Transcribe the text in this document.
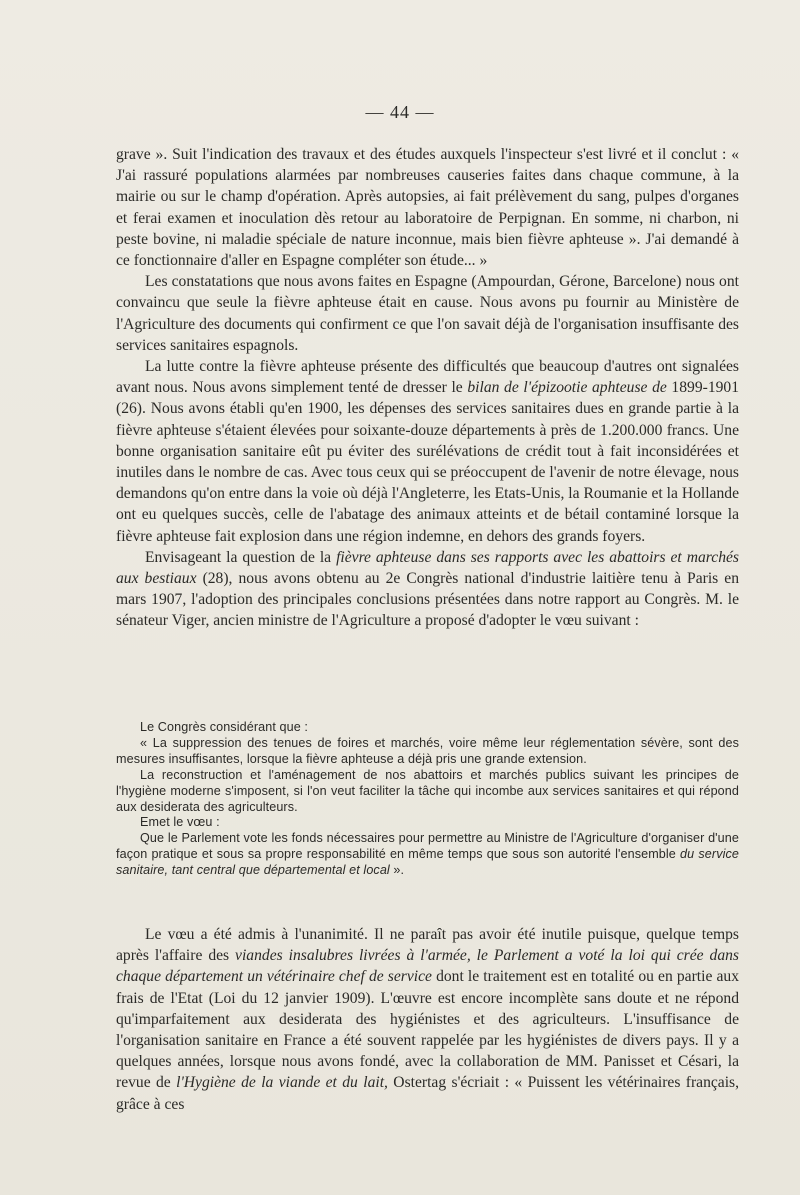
— 44 —

grave ». Suit l'indication des travaux et des études auxquels l'inspecteur s'est livré et il conclut : « J'ai rassuré populations alarmées par nombreuses causeries faites dans chaque commune, à la mairie ou sur le champ d'opération. Après autopsies, ai fait prélèvement du sang, pulpes d'organes et ferai examen et inoculation dès retour au laboratoire de Perpignan. En somme, ni charbon, ni peste bovine, ni maladie spéciale de nature inconnue, mais bien fièvre aphteuse ». J'ai demandé à ce fonctionnaire d'aller en Espagne compléter son étude... »

Les constatations que nous avons faites en Espagne (Ampourdan, Gérone, Barcelone) nous ont convaincu que seule la fièvre aphteuse était en cause. Nous avons pu fournir au Ministère de l'Agriculture des documents qui confirment ce que l'on savait déjà de l'organisation insuffisante des services sanitaires espagnols.

La lutte contre la fièvre aphteuse présente des difficultés que beaucoup d'autres ont signalées avant nous. Nous avons simplement tenté de dresser le bilan de l'épizootie aphteuse de 1899-1901 (26). Nous avons établi qu'en 1900, les dépenses des services sanitaires dues en grande partie à la fièvre aphteuse s'étaient élevées pour soixante-douze départements à près de 1.200.000 francs. Une bonne organisation sanitaire eût pu éviter des surélévations de crédit tout à fait inconsidérées et inutiles dans le nombre de cas. Avec tous ceux qui se préoccupent de l'avenir de notre élevage, nous demandons qu'on entre dans la voie où déjà l'Angleterre, les Etats-Unis, la Roumanie et la Hollande ont eu quelques succès, celle de l'abatage des animaux atteints et de bétail contaminé lorsque la fièvre aphteuse fait explosion dans une région indemne, en dehors des grands foyers.

Envisageant la question de la fièvre aphteuse dans ses rapports avec les abattoirs et marchés aux bestiaux (28), nous avons obtenu au 2e Congrès national d'industrie laitière tenu à Paris en mars 1907, l'adoption des principales conclusions présentées dans notre rapport au Congrès. M. le sénateur Viger, ancien ministre de l'Agriculture a proposé d'adopter le vœu suivant :

Le Congrès considérant que :

« La suppression des tenues de foires et marchés, voire même leur réglementation sévère, sont des mesures insuffisantes, lorsque la fièvre aphteuse a déjà pris une grande extension.

La reconstruction et l'aménagement de nos abattoirs et marchés publics suivant les principes de l'hygiène moderne s'imposent, si l'on veut faciliter la tâche qui incombe aux services sanitaires et qui répond aux desiderata des agriculteurs.

Emet le vœu :

Que le Parlement vote les fonds nécessaires pour permettre au Ministre de l'Agriculture d'organiser d'une façon pratique et sous sa propre responsabilité en même temps que sous son autorité l'ensemble du service sanitaire, tant central que départemental et local ».

Le vœu a été admis à l'unanimité. Il ne paraît pas avoir été inutile puisque, quelque temps après l'affaire des viandes insalubres livrées à l'armée, le Parlement a voté la loi qui crée dans chaque département un vétérinaire chef de service dont le traitement est en totalité ou en partie aux frais de l'Etat (Loi du 12 janvier 1909). L'œuvre est encore incomplète sans doute et ne répond qu'imparfaitement aux desiderata des hygiénistes et des agriculteurs. L'insuffisance de l'organisation sanitaire en France a été souvent rappelée par les hygiénistes de divers pays. Il y a quelques années, lorsque nous avons fondé, avec la collaboration de MM. Panisset et Césari, la revue de l'Hygiène de la viande et du lait, Ostertag s'écriait : « Puissent les vétérinaires français, grâce à ces
